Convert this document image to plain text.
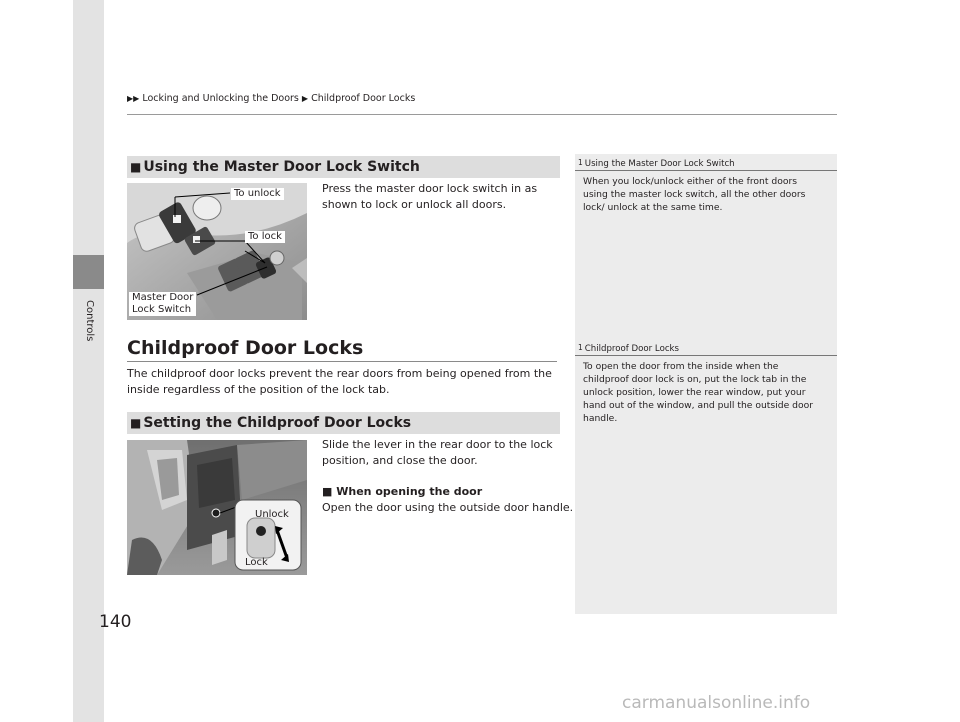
Controls
▶▶ Locking and Unlocking the Doors ▶ Childproof Door Locks
■ Using the Master Door Lock Switch
To unlock
To lock
Master Door
Lock Switch
Press the master door lock switch in as shown to lock or unlock all doors.
1 Using the Master Door Lock Switch
When you lock/unlock either of the front doors using the master lock switch, all the other doors lock/ unlock at the same time.
Childproof Door Locks
The childproof door locks prevent the rear doors from being opened from the inside regardless of the position of the lock tab.
1 Childproof Door Locks
To open the door from the inside when the childproof door lock is on, put the lock tab in the unlock position, lower the rear window, put your hand out of the window, and pull the outside door handle.
■ Setting the Childproof Door Locks
Unlock
Lock
Slide the lever in the rear door to the lock position, and close the door.
■ When opening the door
Open the door using the outside door handle.
140
carmanualsonline.info
